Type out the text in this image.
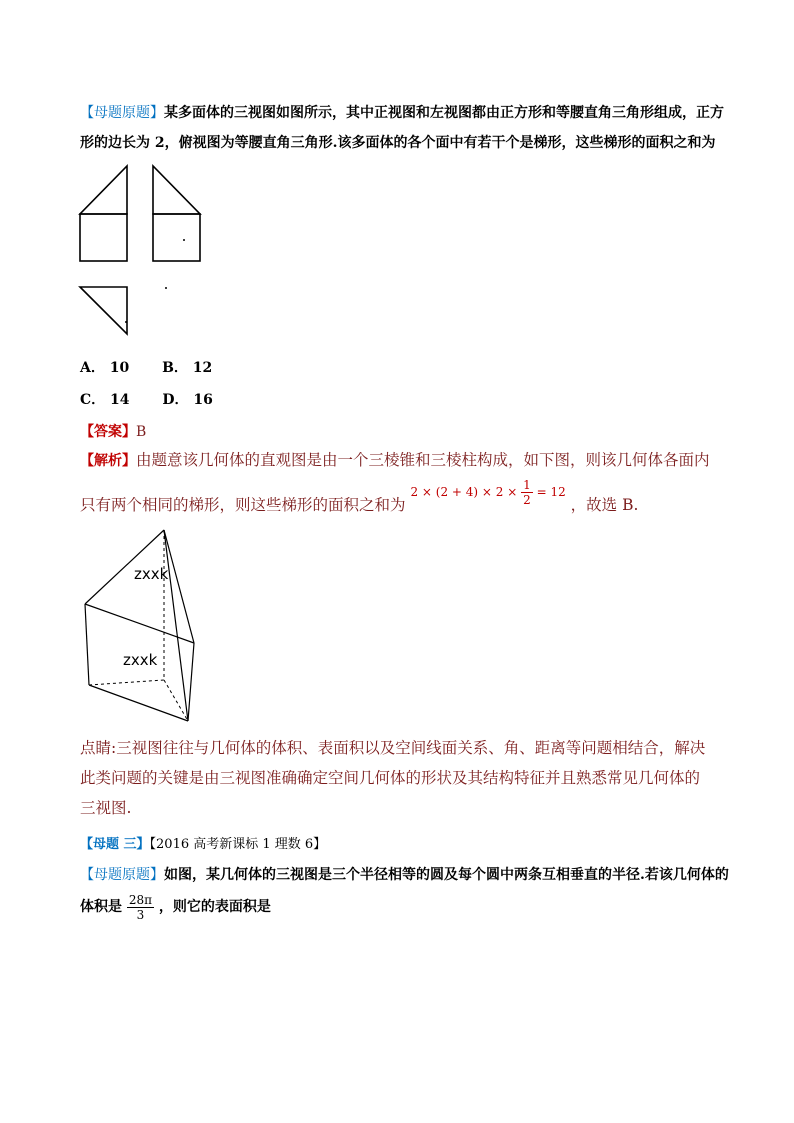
【母题原题】某多面体的三视图如图所示，其中正视图和左视图都由正方形和等腰直角三角形组成，正方
形的边长为 2，俯视图为等腰直角三角形.该多面体的各个面中有若干个是梯形，这些梯形的面积之和为
A． 10 B． 12
C． 14 D． 16
【答案】B
【解析】由题意该几何体的直观图是由一个三棱锥和三棱柱构成，如下图，则该几何体各面内
只有两个相同的梯形，则这些梯形的面积之和为 $2 \times (2 + 4) \times 2 \times \frac{1}{2} = 12$ ，故选 B.
zxxk
zxxk
点睛:三视图往往与几何体的体积、表面积以及空间线面关系、角、距离等问题相结合，解决
此类问题的关键是由三视图准确确定空间几何体的形状及其结构特征并且熟悉常见几何体的
三视图.
【母题 三】【2016 高考新课标 1 理数 6】
【母题原题】如图，某几何体的三视图是三个半径相等的圆及每个圆中两条互相垂直的半径.若该几何体的
体积是 $\frac{28\pi}{3}$ ，则它的表面积是
